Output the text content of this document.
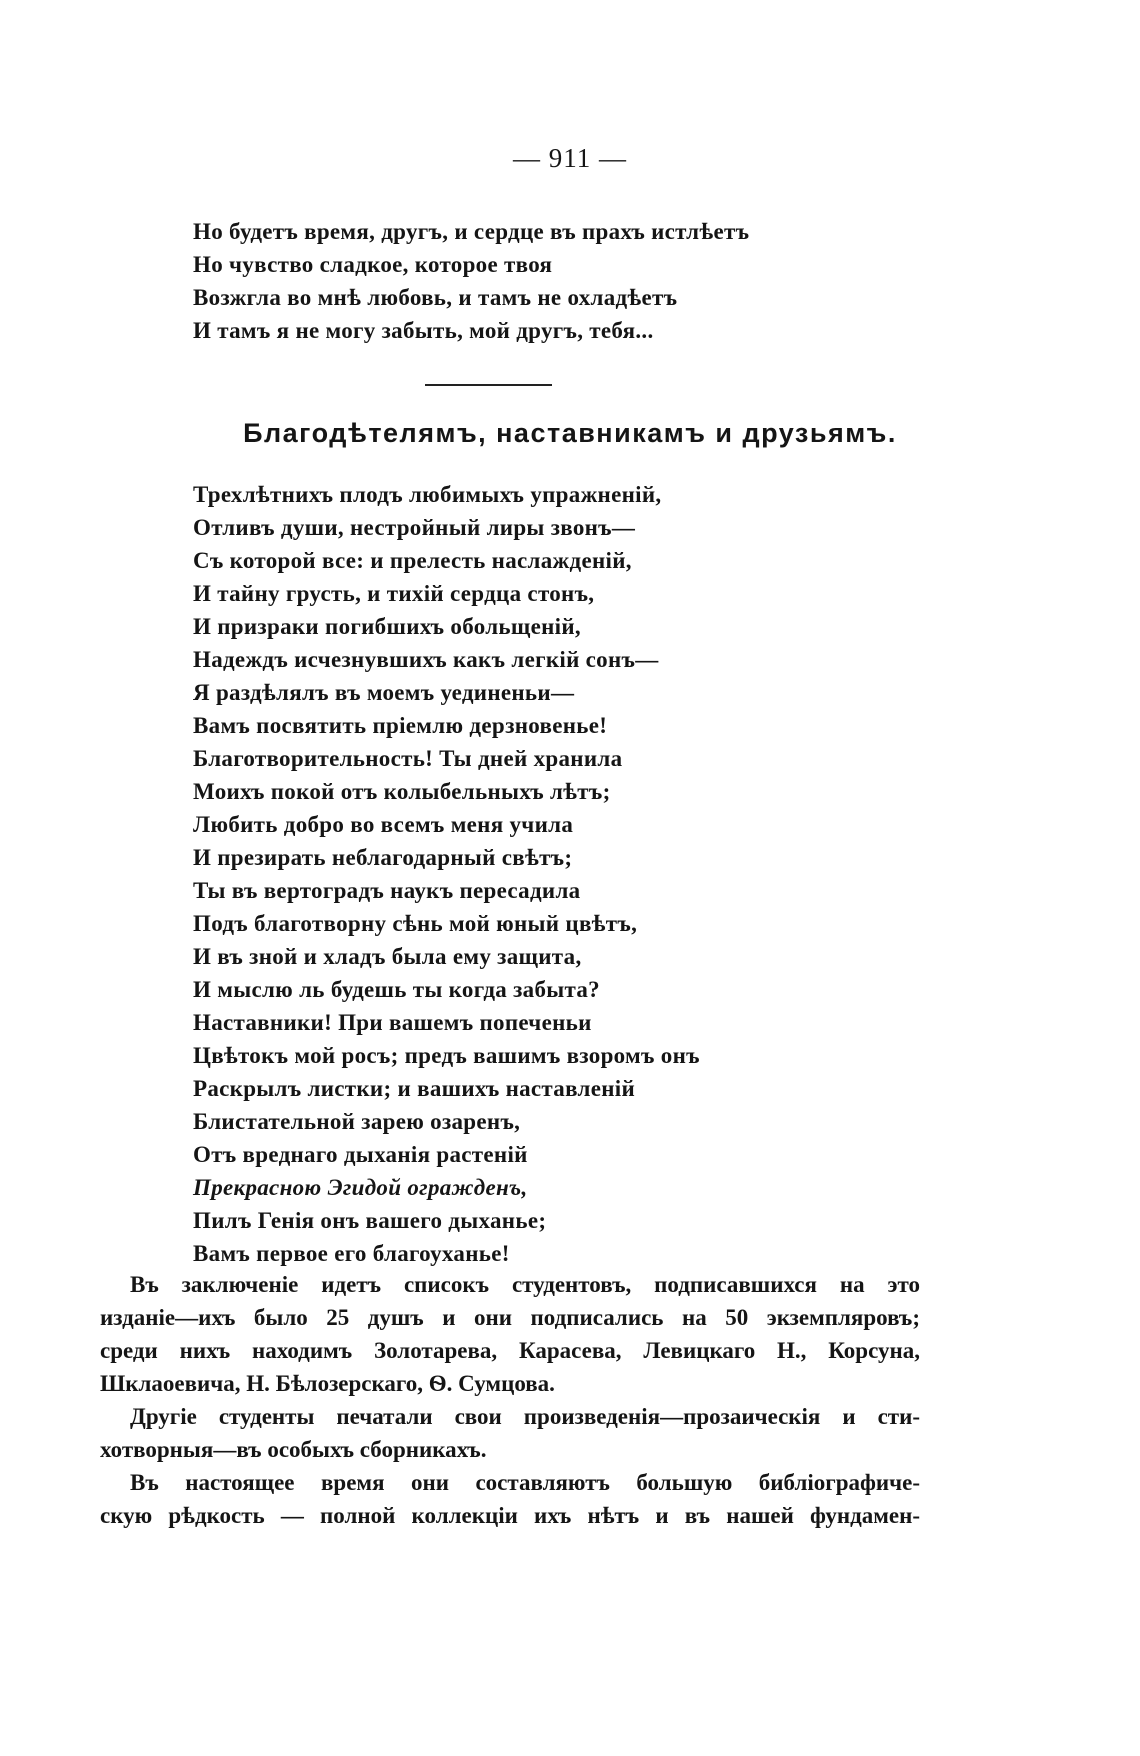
— 911 —
Но будетъ время, другъ, и сердце въ прахъ истлѣетъ
Но чувство сладкое, которое твоя
Возжгла во мнѣ любовь, и тамъ не охладѣетъ
И тамъ я не могу забыть, мой другъ, тебя...
Благодѣтелямъ, наставникамъ и друзьямъ.
Трехлѣтнихъ плодъ любимыхъ упражненій,
Отливъ души, нестройный лиры звонъ—
Съ которой все: и прелесть наслажденій,
И тайну грусть, и тихій сердца стонъ,
И призраки погибшихъ обольщеній,
Надеждъ исчезнувшихъ какъ легкій сонъ—
Я раздѣлялъ въ моемъ уединеньи—
Вамъ посвятить пріемлю дерзновенье!
Благотворительность! Ты дней хранила
Моихъ покой отъ колыбельныхъ лѣтъ;
Любить добро во всемъ меня учила
И презирать неблагодарный свѣтъ;
Ты въ вертоградъ наукъ пересадила
Подъ благотворну сѣнь мой юный цвѣтъ,
И въ зной и хладъ была ему защита,
И мыслю ль будешь ты когда забыта?
Наставники! При вашемъ попеченьи
Цвѣтокъ мой росъ; предъ вашимъ взоромъ онъ
Раскрылъ листки; и вашихъ наставленій
Блистательной зарею озаренъ,
Отъ вреднаго дыханія растеній
Прекрасною Эгидой огражденъ,
Пилъ Генія онъ вашего дыханье;
Вамъ первое его благоуханье!
Въ заключеніе идетъ списокъ студентовъ, подписавшихся на это
изданіе—ихъ было 25 душъ и они подписались на 50 экземпляровъ;
среди нихъ находимъ Золотарева, Карасева, Левицкаго Н., Корсуна,
Шклаоевича, Н. Бѣлозерскаго, Ѳ. Сумцова.
Другіе студенты печатали свои произведенія—прозаическія и сти-
хотворныя—въ особыхъ сборникахъ.
Въ настоящее время они составляютъ большую библіографиче-
скую рѣдкость — полной коллекціи ихъ нѣтъ и въ нашей фундамен-
